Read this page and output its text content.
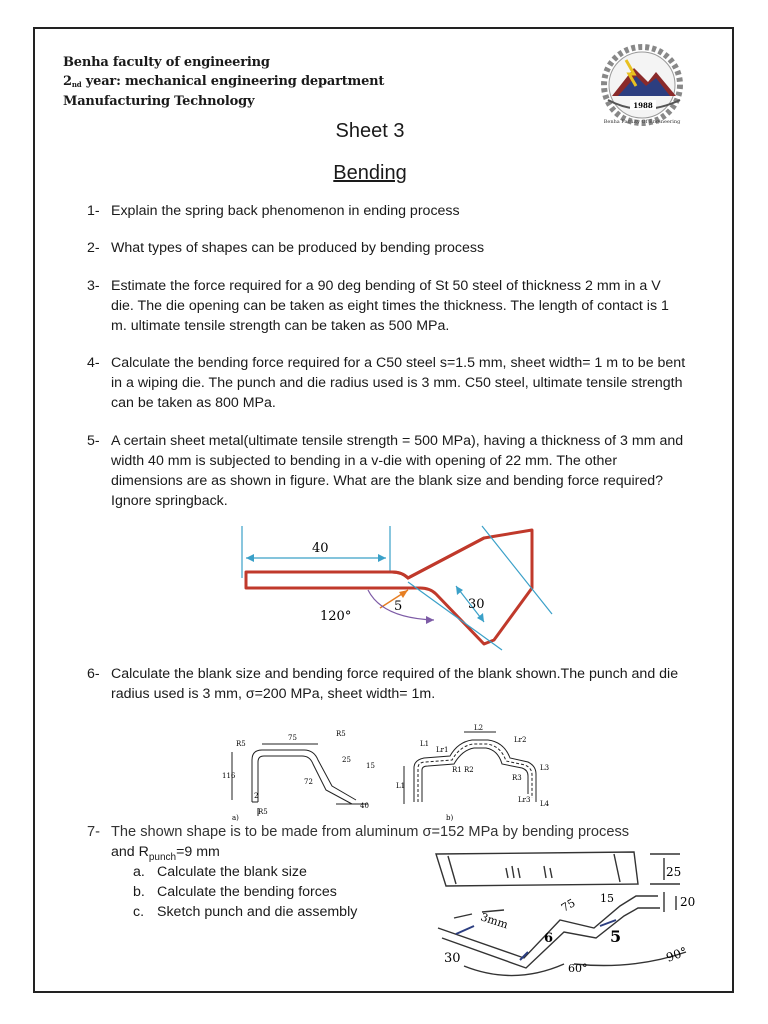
Benha faculty of engineering
$2_{nd}$ year: mechanical engineering department
Manufacturing Technology	1988
Benha Faculty Of Engineering
Sheet 3
Bending
1- Explain the spring back phenomenon in ending process
2- What types of shapes can be produced by bending process
3- Estimate the force required for a 90 deg bending of St 50 steel of thickness 2 mm in a V die. The die opening can be taken as eight times the thickness. The length of contact is 1 m. ultimate tensile strength can be taken as 500 MPa.
4- Calculate the bending force required for a C50 steel s=1.5 mm, sheet width= 1 m to be bent in a wiping die. The punch and die radius used is 3 mm. C50 steel, ultimate tensile strength can be taken as 800 MPa.
5- A certain sheet metal(ultimate tensile strength = 500 MPa), having a thickness of 3 mm and width 40 mm is subjected to bending in a v-die with opening of 22 mm. The other dimensions are as shown in figure. What are the blank size and bending force required? Ignore springback.
40
30
5
120°
6- Calculate the blank size and bending force required of the blank shown.The punch and die radius used is 3 mm, σ=200 MPa, sheet width= 1m.
R5
75	R5
116
2
72
25
15
R5
40
a)
L2
L1	Lr2
L3
Lr1
R1 R2
R3
Lr3 L4
L1
b)
7- The shown shape is to be made from aluminum σ=152 MPa by bending process
and $R_{punch}=9$ mm
a. Calculate the blank size
b. Calculate the bending forces
c. Sketch punch and die assembly
25
20
3mm
75 15
6
30	90°
60°
5
